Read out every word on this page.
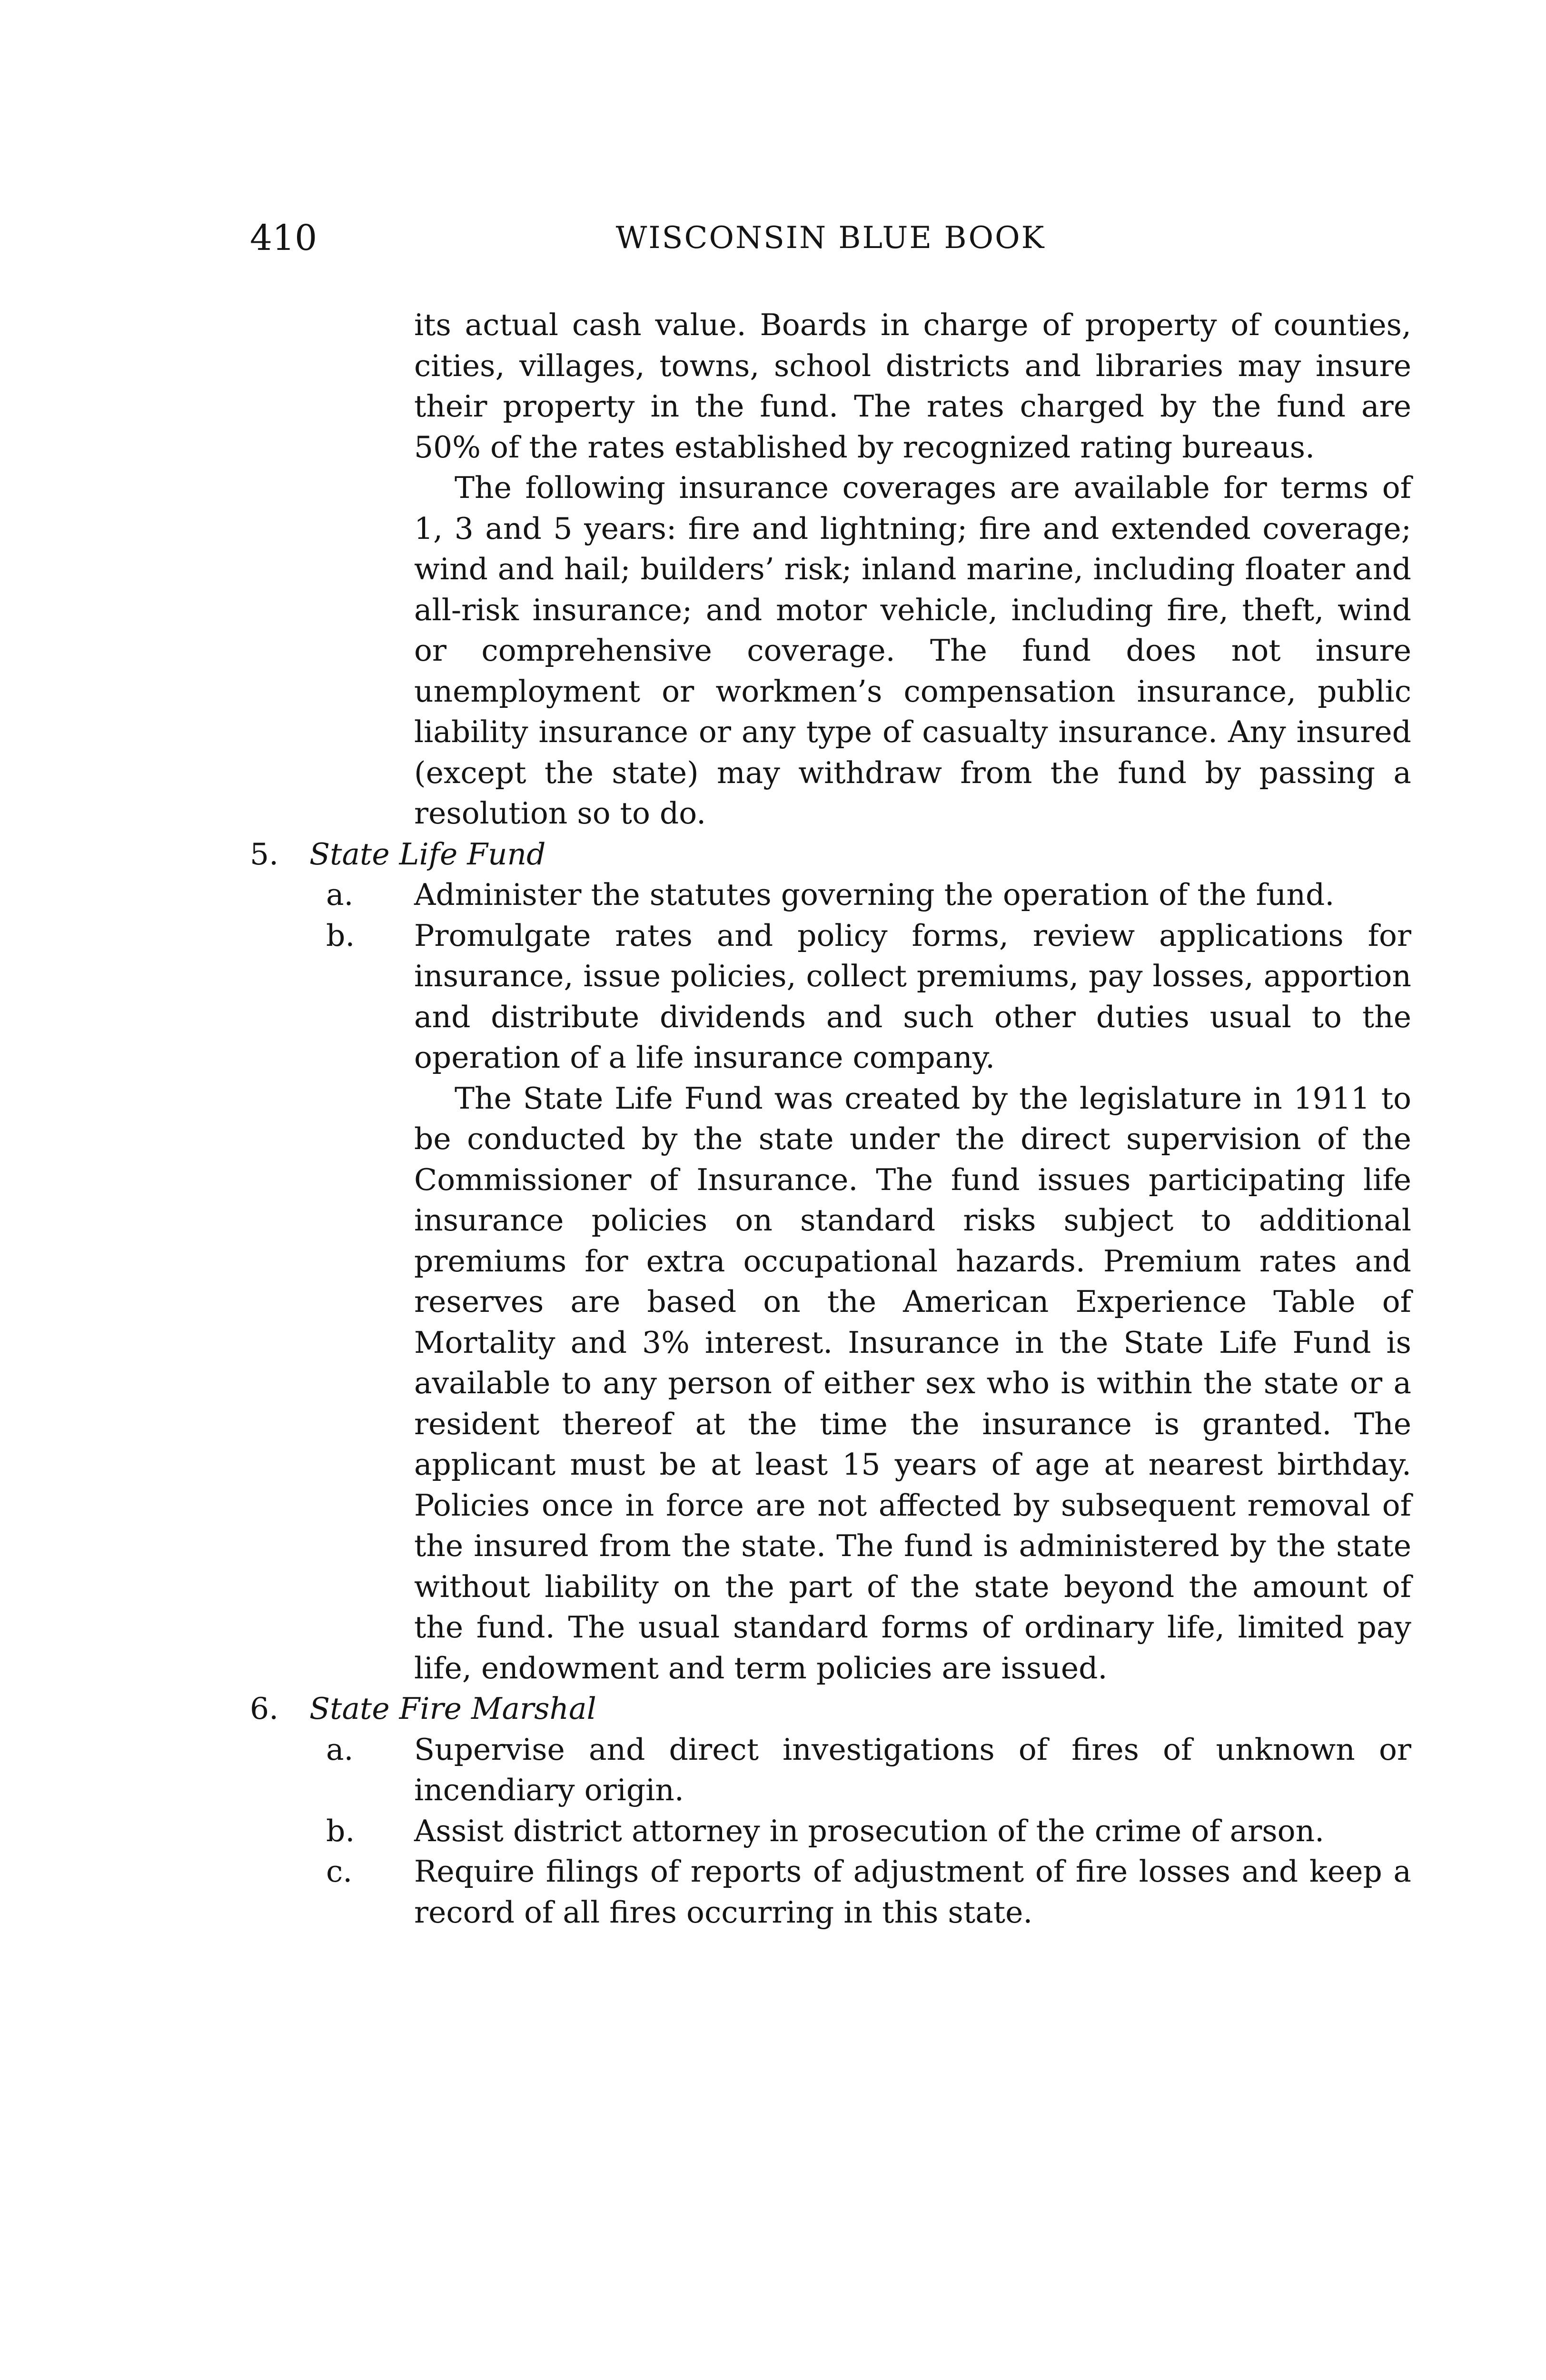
410	WISCONSIN BLUE BOOK

its actual cash value. Boards in charge of property of counties, cities, villages, towns, school districts and libraries may insure their property in the fund. The rates charged by the fund are 50% of the rates established by recognized rating bureaus.

The following insurance coverages are available for terms of 1, 3 and 5 years: fire and lightning; fire and extended coverage; wind and hail; builders’ risk; inland marine, including floater and all-risk insurance; and motor vehicle, including fire, theft, wind or comprehensive coverage. The fund does not insure unemployment or workmen’s compensation insurance, public liability insurance or any type of casualty insurance. Any insured (except the state) may withdraw from the fund by passing a resolution so to do.

5.	State Life Fund

a.	Administer the statutes governing the operation of the fund.

b.	Promulgate rates and policy forms, review applications for insurance, issue policies, collect premiums, pay losses, apportion and distribute dividends and such other duties usual to the operation of a life insurance company.

The State Life Fund was created by the legislature in 1911 to be conducted by the state under the direct supervision of the Commissioner of Insurance. The fund issues participating life insurance policies on standard risks subject to additional premiums for extra occupational hazards. Premium rates and reserves are based on the American Experience Table of Mortality and 3% interest. Insurance in the State Life Fund is available to any person of either sex who is within the state or a resident thereof at the time the insurance is granted. The applicant must be at least 15 years of age at nearest birthday. Policies once in force are not affected by subsequent removal of the insured from the state. The fund is administered by the state without liability on the part of the state beyond the amount of the fund. The usual standard forms of ordinary life, limited pay life, endowment and term policies are issued.

6.	State Fire Marshal

a.	Supervise and direct investigations of fires of unknown or incendiary origin.

b.	Assist district attorney in prosecution of the crime of arson.

c.	Require filings of reports of adjustment of fire losses and keep a record of all fires occurring in this state.
